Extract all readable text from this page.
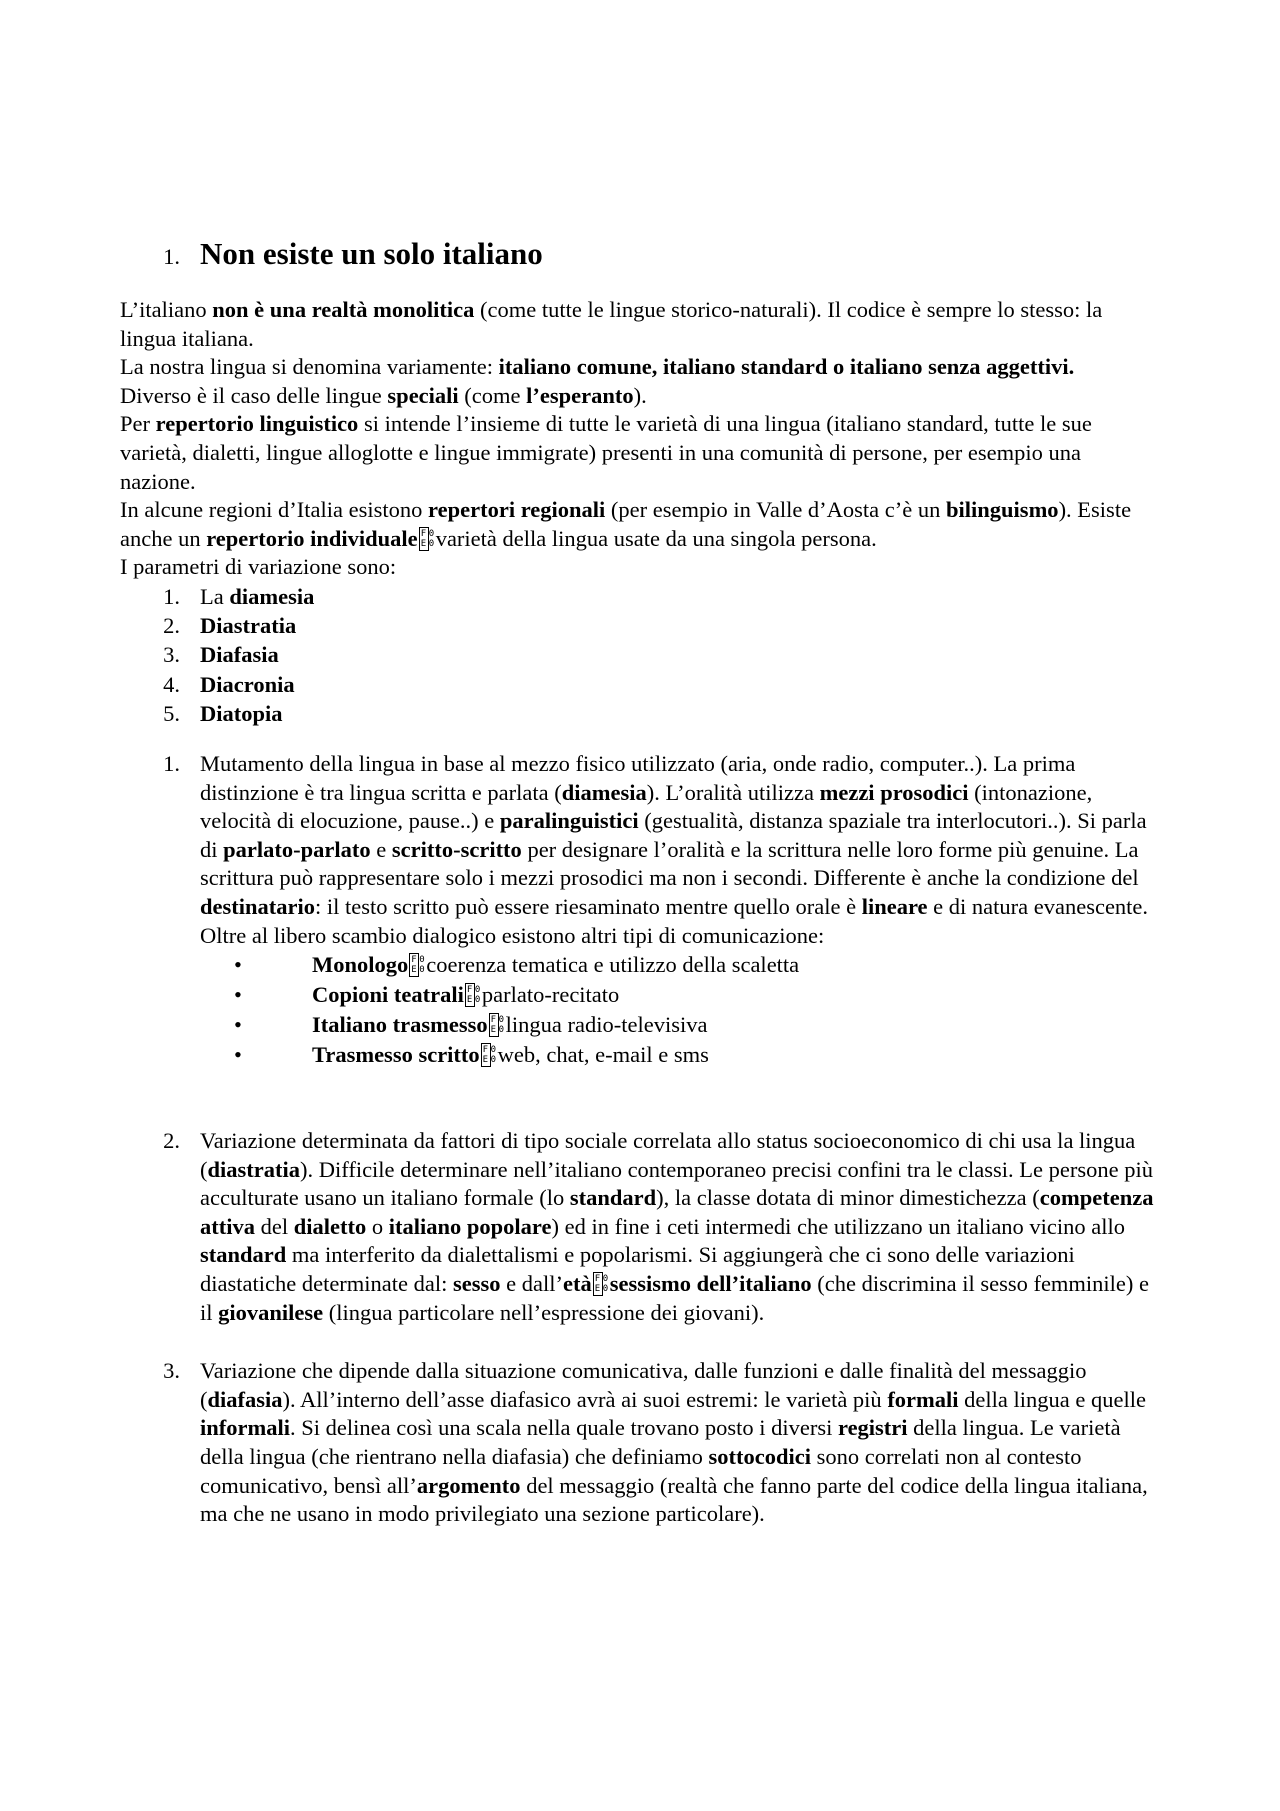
1. Non esiste un solo italiano

L’italiano non è una realtà monolitica (come tutte le lingue storico-naturali). Il codice è sempre lo stesso: la lingua italiana.

La nostra lingua si denomina variamente: italiano comune, italiano standard o italiano senza aggettivi.

Diverso è il caso delle lingue speciali (come l’esperanto).

Per repertorio linguistico si intende l’insieme di tutte le varietà di una lingua (italiano standard, tutte le sue varietà, dialetti, lingue alloglotte e lingue immigrate) presenti in una comunità di persone, per esempio una nazione.

In alcune regioni d’Italia esistono repertori regionali (per esempio in Valle d’Aosta c’è un bilinguismo). Esiste anche un repertorio individuale F 0
E 0 varietà della lingua usate da una singola persona.

I parametri di variazione sono:

1. La diamesia
2. Diastratia
3. Diafasia
4. Diacronia
5. Diatopia
1. Mutamento della lingua in base al mezzo fisico utilizzato (aria, onde radio, computer..). La prima distinzione è tra lingua scritta e parlata (diamesia). L’oralità utilizza mezzi prosodici (intonazione, velocità di elocuzione, pause..) e paralinguistici (gestualità, distanza spaziale tra interlocutori..). Si parla di parlato-parlato e scritto-scritto per designare l’oralità e la scrittura nelle loro forme più genuine. La scrittura può rappresentare solo i mezzi prosodici ma non i secondi. Differente è anche la condizione del destinatario: il testo scritto può essere riesaminato mentre quello orale è lineare e di natura evanescente. Oltre al libero scambio dialogico esistono altri tipi di comunicazione:
•	Monologo F 0
E 0 coerenza tematica e utilizzo della scaletta
•	Copioni teatrali F 0
E 0 parlato-recitato
•	Italiano trasmesso F 0
E 0 lingua radio-televisiva
•	Trasmesso scritto F 0
E 0 web, chat, e-mail e sms
2. Variazione determinata da fattori di tipo sociale correlata allo status socioeconomico di chi usa la lingua (diastratia). Difficile determinare nell’italiano contemporaneo precisi confini tra le classi. Le persone più acculturate usano un italiano formale (lo standard), la classe dotata di minor dimestichezza (competenza attiva del dialetto o italiano popolare) ed in fine i ceti intermedi che utilizzano un italiano vicino allo standard ma interferito da dialettalismi e popolarismi. Si aggiungerà che ci sono delle variazioni diastatiche determinate dal: sesso e dall’età F 0
E 0 sessismo dell’italiano (che discrimina il sesso femminile) e il giovanilese (lingua particolare nell’espressione dei giovani).
3. Variazione che dipende dalla situazione comunicativa, dalle funzioni e dalle finalità del messaggio (diafasia). All’interno dell’asse diafasico avrà ai suoi estremi: le varietà più formali della lingua e quelle informali. Si delinea così una scala nella quale trovano posto i diversi registri della lingua. Le varietà della lingua (che rientrano nella diafasia) che definiamo sottocodici sono correlati non al contesto comunicativo, bensì all’argomento del messaggio (realtà che fanno parte del codice della lingua italiana, ma che ne usano in modo privilegiato una sezione particolare).
